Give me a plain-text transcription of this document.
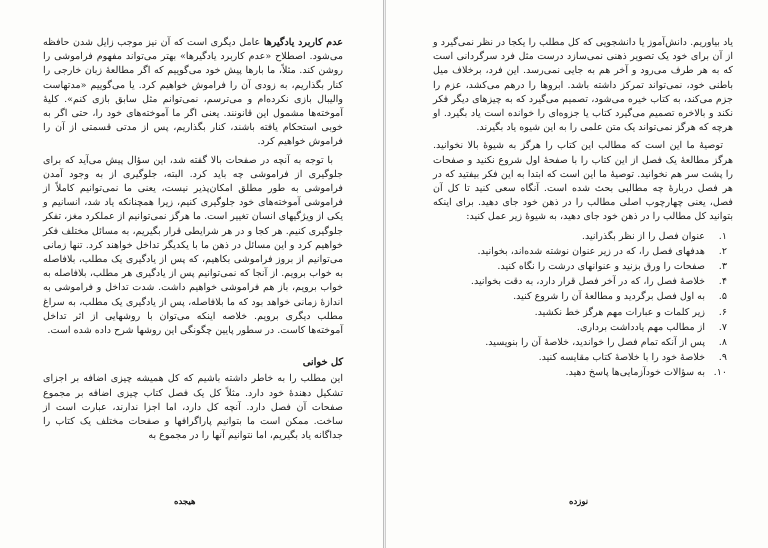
عدم کاربرد یادگیرها عامل دیگری است که آن نیز موجب زایل شدن حافظه می‌شود. اصطلاح «عدم کاربرد یادگیرها» بهتر می‌تواند مفهوم فراموشی را روشن کند. مثلاً، ما بارها پیش خود می‌گوییم که اگر مطالعهٔ زبان خارجی را کنار بگذاریم، به زودی آن را فراموش خواهیم کرد. یا می‌گوییم «مدتهاست والیبال بازی نکرده‌ام و می‌ترسم، نمی‌توانم مثل سابق بازی کنم». کلیهٔ آموخته‌ها مشمول این قانونند. یعنی اگر ما آموخته‌های خود را، حتی اگر به خوبی استحکام یافته باشند، کنار بگذاریم، پس از مدتی قسمتی از آن را فراموش خواهیم کرد.

با توجه به آنچه در صفحات بالا گفته شد، این سؤال پیش می‌آید که برای جلوگیری از فراموشی چه باید کرد. البته، جلوگیری از به وجود آمدن فراموشی به طور مطلق امکان‌پذیر نیست، یعنی ما نمی‌توانیم کاملاً از فراموشی آموخته‌های خود جلوگیری کنیم، زیرا همچنانکه یاد شد، انسانیم و یکی از ویژگیهای انسان تغییر است. ما هرگز نمی‌توانیم از عملکرد مغز، تفکر جلوگیری کنیم. هر کجا و در هر شرایطی قرار بگیریم، به مسائل مختلف فکر خواهیم کرد و این مسائل در ذهن ما با یکدیگر تداخل خواهند کرد. تنها زمانی می‌توانیم از بروز فراموشی بکاهیم، که پس از یادگیری یک مطلب، بلافاصله به خواب برویم. از آنجا که نمی‌توانیم پس از یادگیری هر مطلب، بلافاصله به خواب برویم، باز هم فراموشی خواهیم داشت. شدت تداخل و فراموشی به اندازهٔ زمانی خواهد بود که ما بلافاصله، پس از یادگیری یک مطلب، به سراغ مطلب دیگری برویم. خلاصه اینکه می‌توان با روشهایی از اثر تداخل آموخته‌ها کاست. در سطور پایین چگونگی این روشها شرح داده شده است.

کل خوانی

این مطلب را به خاطر داشته باشیم که کل همیشه چیزی اضافه بر اجزای تشکیل دهندهٔ خود دارد. مثلاً کل یک فصل کتاب چیزی اضافه بر مجموع صفحات آن فصل دارد. آنچه کل دارد، اما اجزا ندارند، عبارت است از ساخت. ممکن است ما بتوانیم پاراگرافها و صفحات مختلف یک کتاب را جداگانه یاد بگیریم، اما نتوانیم آنها را در مجموع به

هیجده

یاد بیاوریم. دانش‌آموز یا دانشجویی که کل مطلب را یکجا در نظر نمی‌گیرد و از آن برای خود یک تصویر ذهنی نمی‌سازد درست مثل فرد سرگردانی است که به هر طرف می‌رود و آخر هم به جایی نمی‌رسد. این فرد، برخلاف میل باطنی خود، نمی‌تواند تمرکز داشته باشد. ابروها را درهم می‌کشد، عزم را جزم می‌کند، به کتاب خیره می‌شود، تصمیم می‌گیرد که به چیزهای دیگر فکر نکند و بالاخره تصمیم می‌گیرد کتاب یا جزوه‌ای را خوانده است یاد بگیرد. او هرچه که هرگز نمی‌تواند یک متن علمی را به این شیوه یاد بگیرند.

توصیهٔ ما این است که مطالب این کتاب را هرگز به شیوهٔ بالا نخوانید. هرگز مطالعهٔ یک فصل از این کتاب را با صفحهٔ اول شروع نکنید و صفحات را پشت سر هم نخوانید. توصیهٔ ما این است که ابتدا به این فکر بیفتید که در هر فصل دربارهٔ چه مطالبی بحث شده است. آنگاه سعی کنید تا کل آن فصل، یعنی چهارچوب اصلی مطالب را در ذهن خود جای دهید. برای اینکه بتوانید کل مطالب را در ذهن خود جای دهید، به شیوهٔ زیر عمل کنید:

۱.
عنوان فصل را از نظر بگذرانید.
۲.
هدفهای فصل را، که در زیر عنوان نوشته شده‌اند، بخوانید.
۳.
صفحات را ورق بزنید و عنوانهای درشت را نگاه کنید.
۴.
خلاصهٔ فصل را، که در آخر فصل قرار دارد، به دقت بخوانید.
۵.
به اول فصل برگردید و مطالعهٔ آن را شروع کنید.
۶.
زیر کلمات و عبارات مهم هرگز خط نکشید.
۷.
از مطالب مهم یادداشت برداری.
۸.
پس از آنکه تمام فصل را خواندید، خلاصهٔ آن را بنویسید.
۹.
خلاصهٔ خود را با خلاصهٔ کتاب مقایسه کنید.
۱۰.
به سؤالات خودآزمایی‌ها پاسخ دهید.
نوزده
